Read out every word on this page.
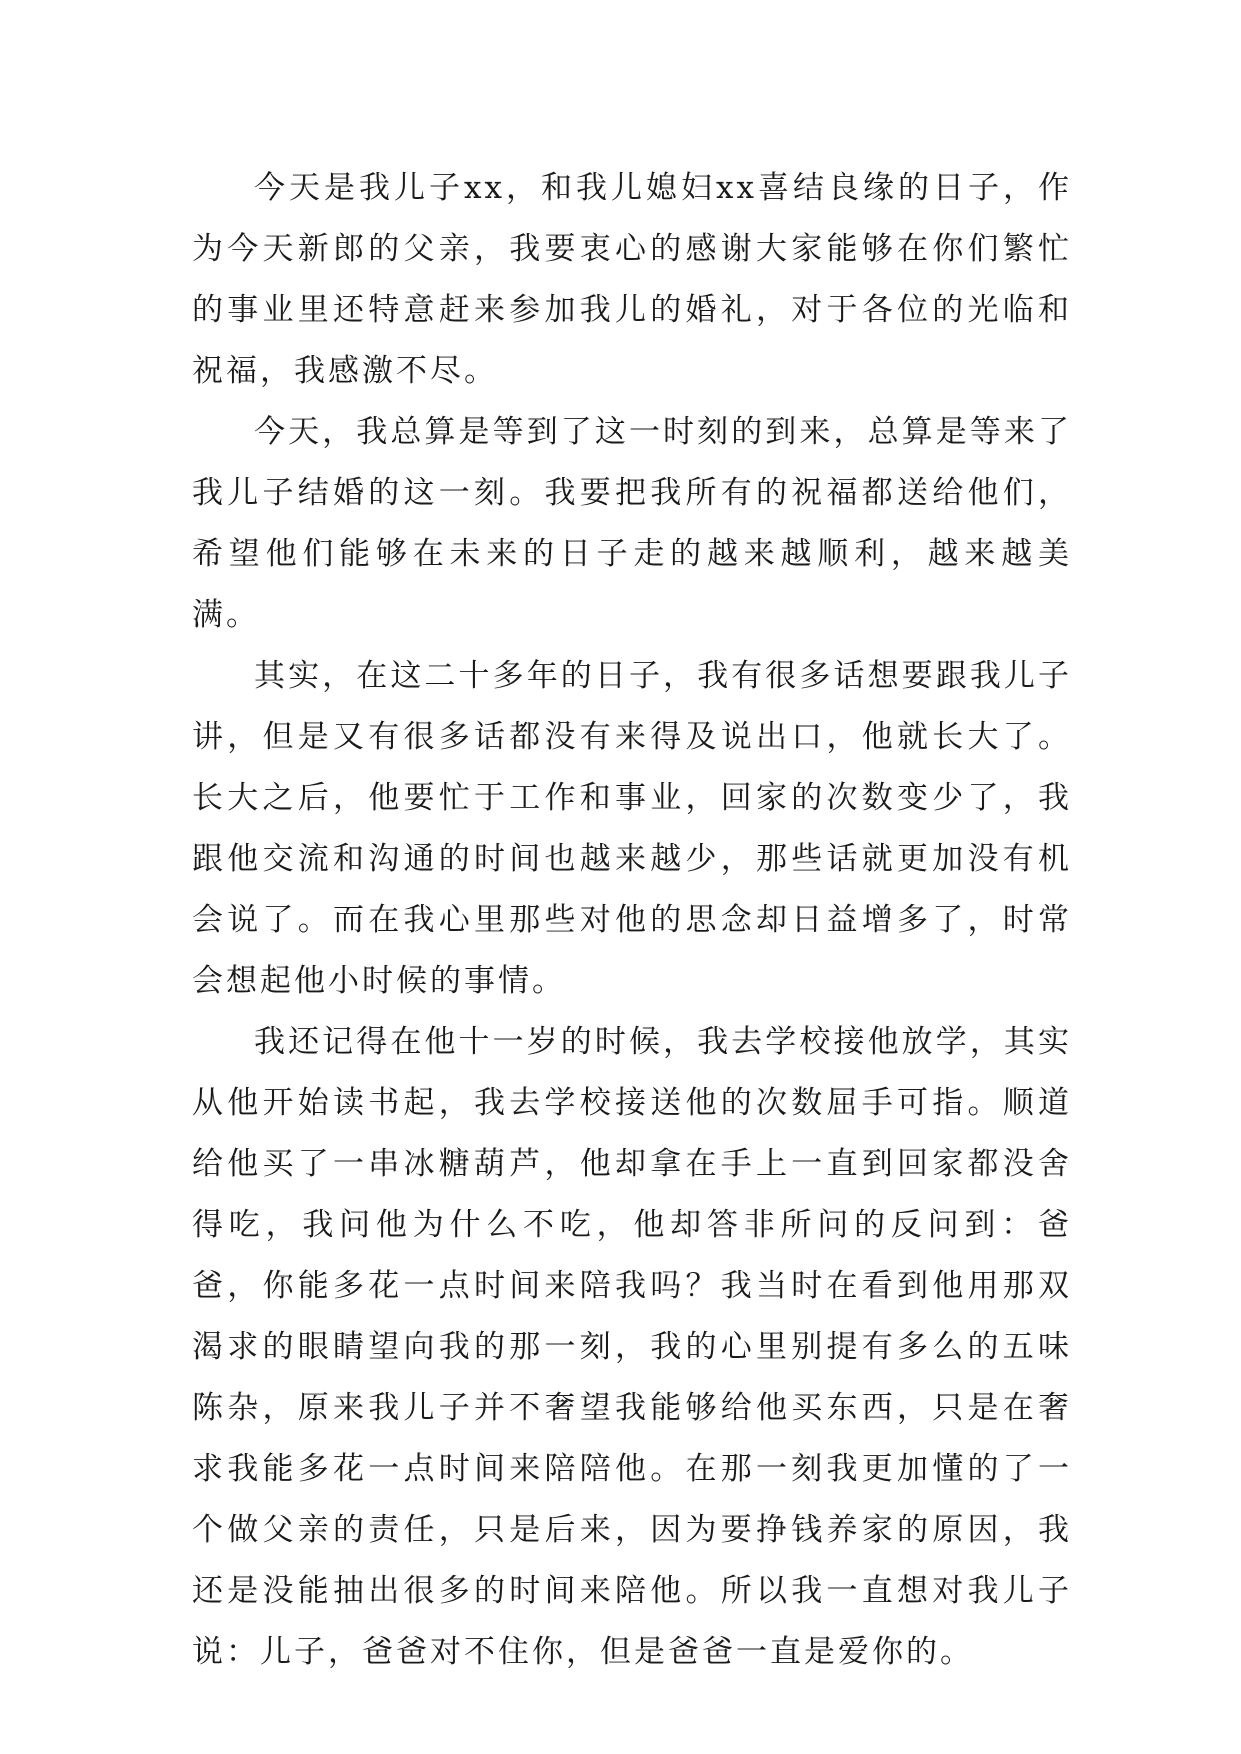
今天是我儿子xx，和我儿媳妇xx喜结良缘的日子，作为今天新郎的父亲，我要衷心的感谢大家能够在你们繁忙的事业里还特意赶来参加我儿的婚礼，对于各位的光临和祝福，我感激不尽。

今天，我总算是等到了这一时刻的到来，总算是等来了我儿子结婚的这一刻。我要把我所有的祝福都送给他们，希望他们能够在未来的日子走的越来越顺利，越来越美满。

其实，在这二十多年的日子，我有很多话想要跟我儿子讲，但是又有很多话都没有来得及说出口，他就长大了。长大之后，他要忙于工作和事业，回家的次数变少了，我跟他交流和沟通的时间也越来越少，那些话就更加没有机会说了。而在我心里那些对他的思念却日益增多了，时常会想起他小时候的事情。

我还记得在他十一岁的时候，我去学校接他放学，其实从他开始读书起，我去学校接送他的次数屈手可指。顺道给他买了一串冰糖葫芦，他却拿在手上一直到回家都没舍得吃，我问他为什么不吃，他却答非所问的反问到：爸爸，你能多花一点时间来陪我吗？我当时在看到他用那双渴求的眼睛望向我的那一刻，我的心里别提有多么的五味陈杂，原来我儿子并不奢望我能够给他买东西，只是在奢求我能多花一点时间来陪陪他。在那一刻我更加懂的了一个做父亲的责任，只是后来，因为要挣钱养家的原因，我还是没能抽出很多的时间来陪他。所以我一直想对我儿子说：儿子，爸爸对不住你，但是爸爸一直是爱你的。
